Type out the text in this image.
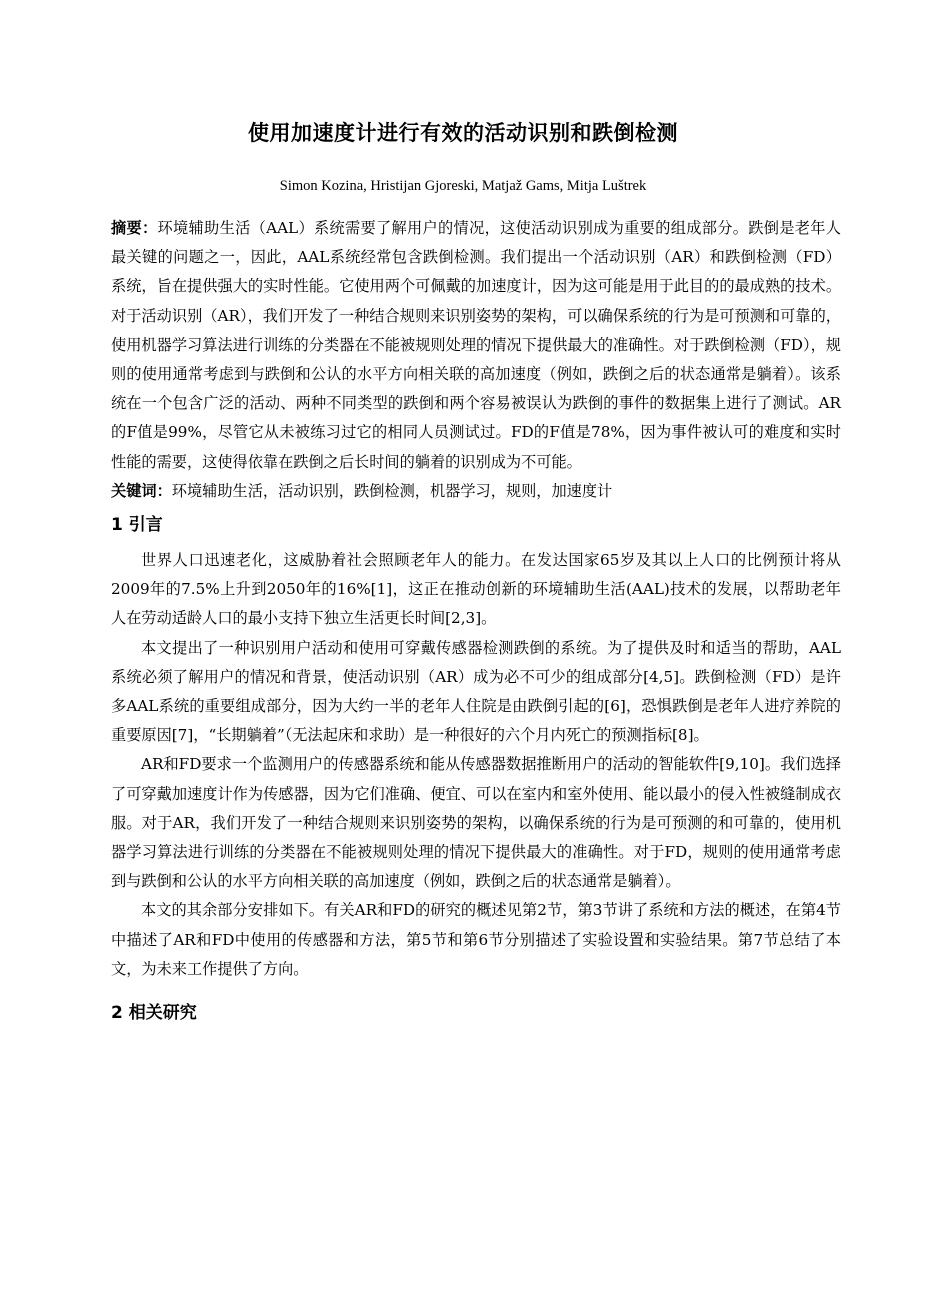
使用加速度计进行有效的活动识别和跌倒检测
Simon Kozina, Hristijan Gjoreski, Matjaž Gams, Mitja Luštrek

摘要：环境辅助生活（AAL）系统需要了解用户的情况，这使活动识别成为重要的组成部分。跌倒是老年人最关键的问题之一，因此，AAL系统经常包含跌倒检测。我们提出一个活动识别（AR）和跌倒检测（FD）系统，旨在提供强大的实时性能。它使用两个可佩戴的加速度计，因为这可能是用于此目的的最成熟的技术。对于活动识别（AR），我们开发了一种结合规则来识别姿势的架构，可以确保系统的行为是可预测和可靠的，使用机器学习算法进行训练的分类器在不能被规则处理的情况下提供最大的准确性。对于跌倒检测（FD），规则的使用通常考虑到与跌倒和公认的水平方向相关联的高加速度（例如，跌倒之后的状态通常是躺着）。该系统在一个包含广泛的活动、两种不同类型的跌倒和两个容易被误认为跌倒的事件的数据集上进行了测试。AR的F值是99%，尽管它从未被练习过它的相同人员测试过。FD的F值是78%，因为事件被认可的难度和实时性能的需要，这使得依靠在跌倒之后长时间的躺着的识别成为不可能。

关键词：环境辅助生活，活动识别，跌倒检测，机器学习，规则，加速度计

1 引言

世界人口迅速老化，这威胁着社会照顾老年人的能力。在发达国家65岁及其以上人口的比例预计将从2009年的7.5%上升到2050年的16%[1]，这正在推动创新的环境辅助生活(AAL)技术的发展，以帮助老年人在劳动适龄人口的最小支持下独立生活更长时间[2,3]。

本文提出了一种识别用户活动和使用可穿戴传感器检测跌倒的系统。为了提供及时和适当的帮助，AAL系统必须了解用户的情况和背景，使活动识别（AR）成为必不可少的组成部分[4,5]。跌倒检测（FD）是许多AAL系统的重要组成部分，因为大约一半的老年人住院是由跌倒引起的[6]，恐惧跌倒是老年人进疗养院的重要原因[7]，“长期躺着”（无法起床和求助）是一种很好的六个月内死亡的预测指标[8]。

AR和FD要求一个监测用户的传感器系统和能从传感器数据推断用户的活动的智能软件[9,10]。我们选择了可穿戴加速度计作为传感器，因为它们准确、便宜、可以在室内和室外使用、能以最小的侵入性被缝制成衣服。对于AR，我们开发了一种结合规则来识别姿势的架构，以确保系统的行为是可预测的和可靠的，使用机器学习算法进行训练的分类器在不能被规则处理的情况下提供最大的准确性。对于FD，规则的使用通常考虑到与跌倒和公认的水平方向相关联的高加速度（例如，跌倒之后的状态通常是躺着）。

本文的其余部分安排如下。有关AR和FD的研究的概述见第2节，第3节讲了系统和方法的概述，在第4节中描述了AR和FD中使用的传感器和方法，第5节和第6节分别描述了实验设置和实验结果。第7节总结了本文，为未来工作提供了方向。

2 相关研究
